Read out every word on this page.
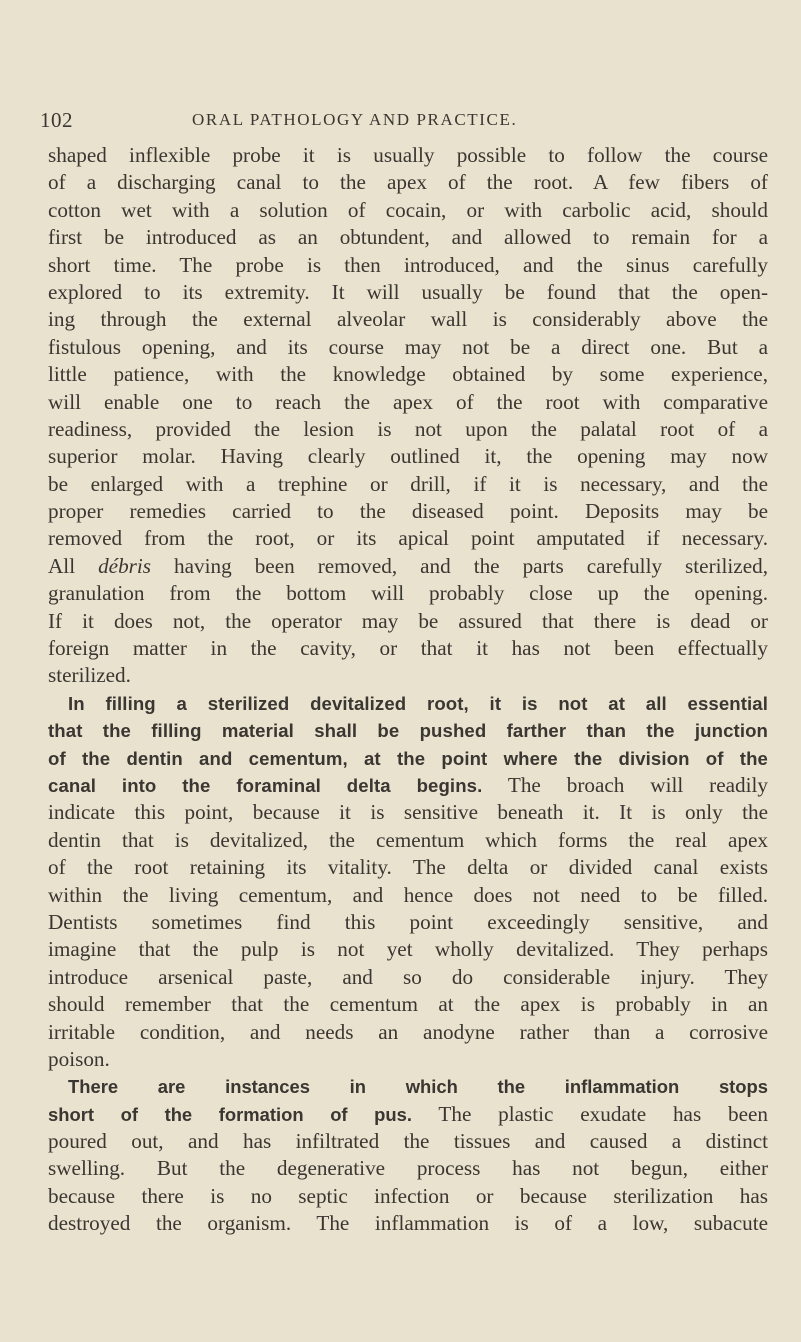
102	ORAL PATHOLOGY AND PRACTICE.
shaped inflexible probe it is usually possible to follow the course
of a discharging canal to the apex of the root. A few fibers of
cotton wet with a solution of cocain, or with carbolic acid, should
first be introduced as an obtundent, and allowed to remain for a
short time. The probe is then introduced, and the sinus carefully
explored to its extremity. It will usually be found that the open-
ing through the external alveolar wall is considerably above the
fistulous opening, and its course may not be a direct one. But a
little patience, with the knowledge obtained by some experience,
will enable one to reach the apex of the root with comparative
readiness, provided the lesion is not upon the palatal root of a
superior molar. Having clearly outlined it, the opening may now
be enlarged with a trephine or drill, if it is necessary, and the
proper remedies carried to the diseased point. Deposits may be
removed from the root, or its apical point amputated if necessary.
All débris having been removed, and the parts carefully sterilized,
granulation from the bottom will probably close up the opening.
If it does not, the operator may be assured that there is dead or
foreign matter in the cavity, or that it has not been effectually
sterilized.
In filling a sterilized devitalized root, it is not at all essential
that the filling material shall be pushed farther than the junction
of the dentin and cementum, at the point where the division of the
canal into the foraminal delta begins. The broach will readily
indicate this point, because it is sensitive beneath it. It is only the
dentin that is devitalized, the cementum which forms the real apex
of the root retaining its vitality. The delta or divided canal exists
within the living cementum, and hence does not need to be filled.
Dentists sometimes find this point exceedingly sensitive, and
imagine that the pulp is not yet wholly devitalized. They perhaps
introduce arsenical paste, and so do considerable injury. They
should remember that the cementum at the apex is probably in an
irritable condition, and needs an anodyne rather than a corrosive
poison.
There are instances in which the inflammation stops
short of the formation of pus. The plastic exudate has been
poured out, and has infiltrated the tissues and caused a distinct
swelling. But the degenerative process has not begun, either
because there is no septic infection or because sterilization has
destroyed the organism. The inflammation is of a low, subacute
